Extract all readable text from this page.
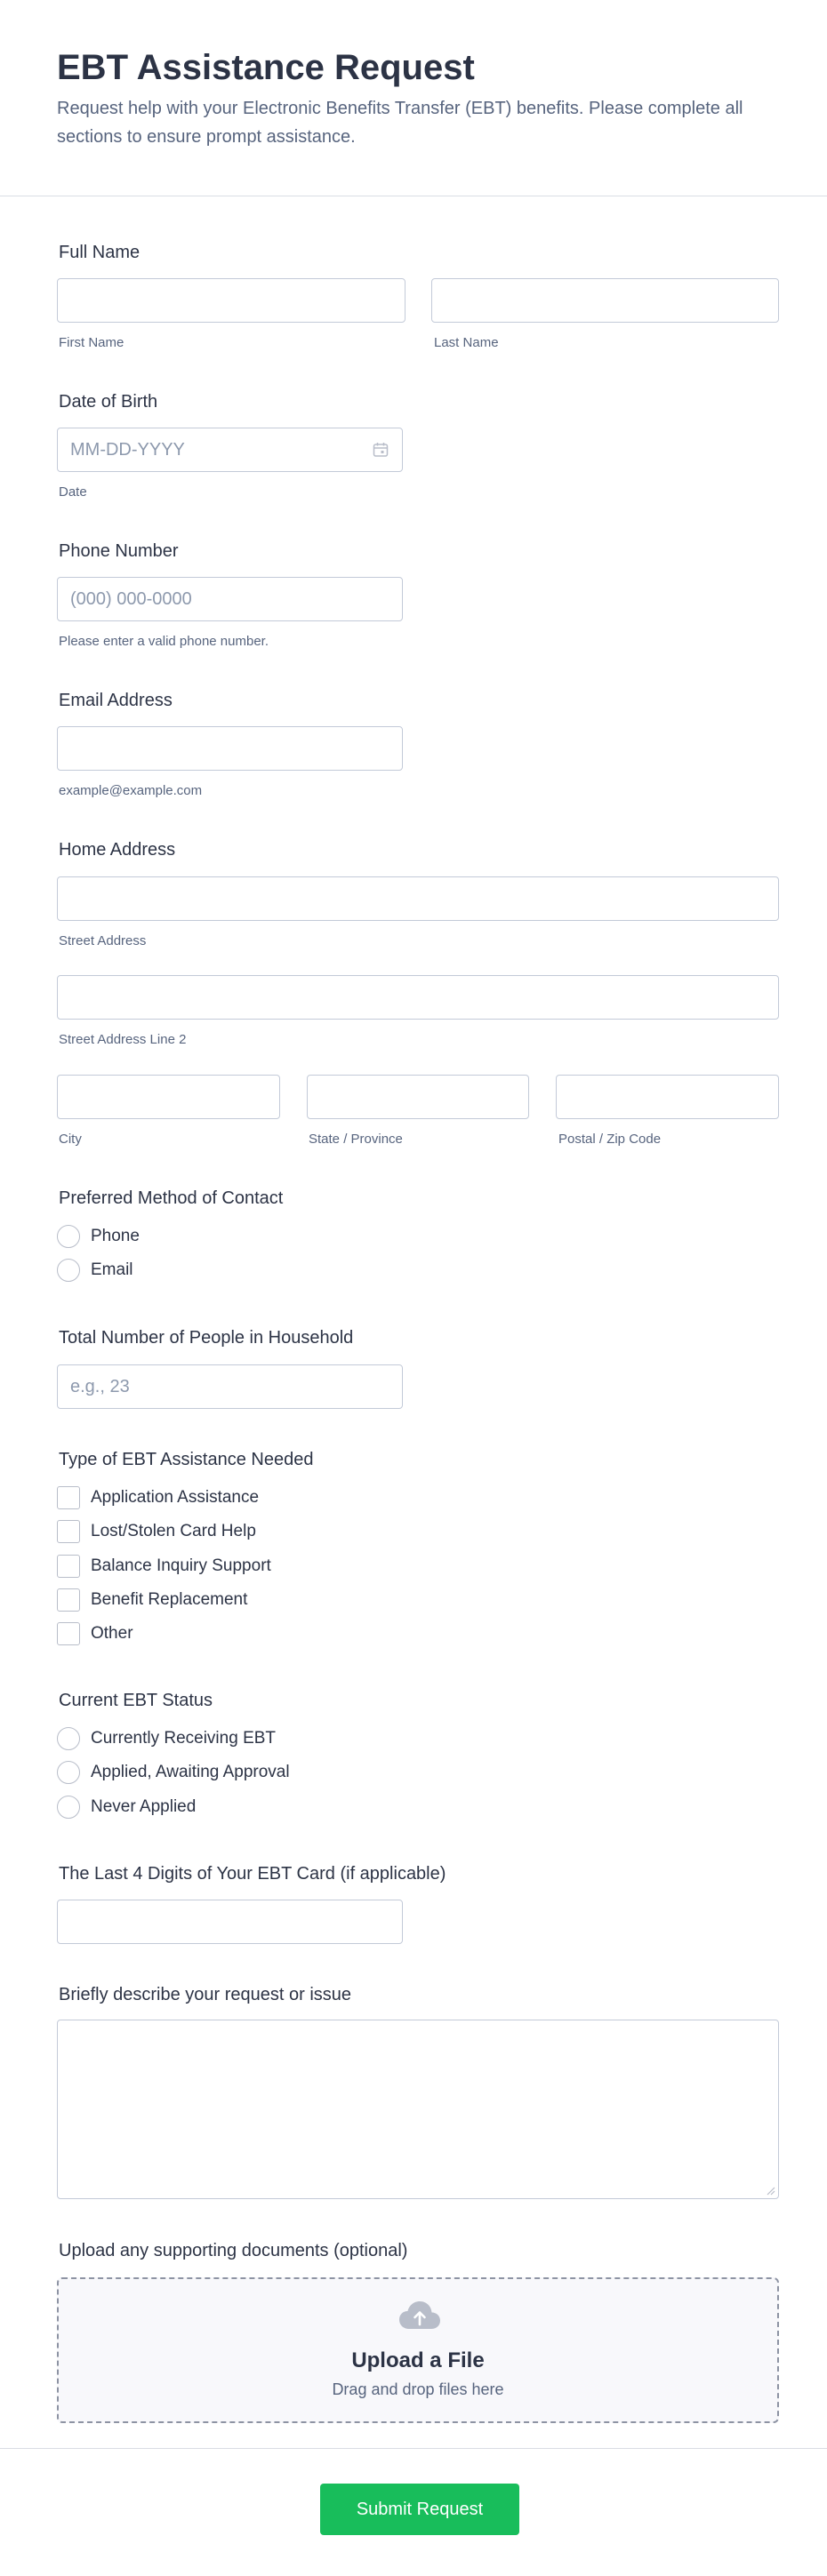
EBT Assistance Request

Request help with your Electronic Benefits Transfer (EBT) benefits. Please complete all sections to ensure prompt assistance.

Full Name
First Name	Last Name
Date of Birth
MM-DD-YYYY
Date
Phone Number
(000) 000-0000
Please enter a valid phone number.
Email Address
example@example.com
Home Address
Street Address
Street Address Line 2
City	State / Province	Postal / Zip Code
Preferred Method of Contact
Phone
Email
Total Number of People in Household
e.g., 23
Type of EBT Assistance Needed
Application Assistance
Lost/Stolen Card Help
Balance Inquiry Support
Benefit Replacement
Other
Current EBT Status
Currently Receiving EBT
Applied, Awaiting Approval
Never Applied
The Last 4 Digits of Your EBT Card (if applicable)
Briefly describe your request or issue
Upload any supporting documents (optional)
Upload a File
Drag and drop files here
Submit Request
